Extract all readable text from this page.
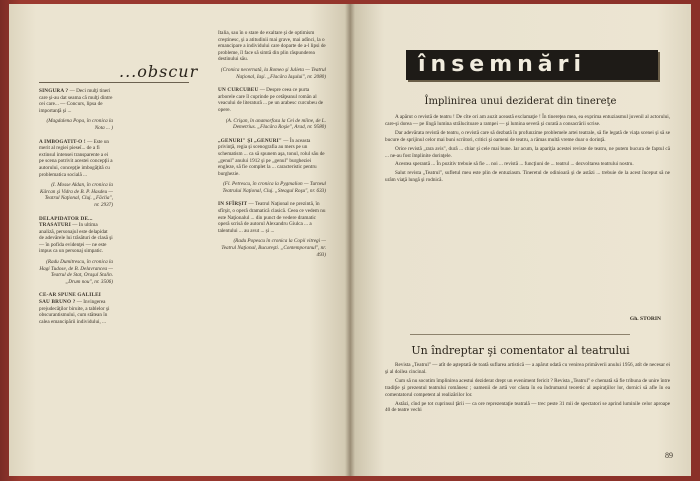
...obscur

SINGURA ? — Deci mulţi tineri care şi-au dat seama că mulţi dintre cei care... — Concurs, lipsa de importanţă şi ...

(Magdalena Popa, în cronica la Nota ... )

A IMBOGATIT-O ! — Este un merit al regiei pieseî... de a fi extinsul intensei transparente a ei pe scena potrivit acestei concepţii a autorului, concepţie imbogăţită cu problematica socială ...

(I. Mosse Aldan, în cronica la Kârcan şi Vidra de B. P. Hasdeu — Teatrul Naţional, Cluj. „Făclia", nr. 2937)

DELAPIDATOR DE... TRASATURI — In ultima analiză, personajul este delapidat de adevărele lui trăsături de clasă şi — în pofida evidenţei — ne este impus ca un personaj simpatic.

(Radu Dumitrescu, în cronica la Hagi Tudose, de B. Delavrancea — Teatrul de Stat, Oraşul Stalin. „Drum nou", nr. 3506)

CE-AR SPUNE GALILEI SAU BRUNO ? — Invingerea prejudecăţilor biruite, a tablelor şi obscurantismului, cum stătean în calea emancipării individului, ...

Italia, sau în o stare de exaltare şi de optimism creştinesc, şi a atitudinii mai grave, mai adînci, la o emancipare a individului care doparte de a-l lipsi de probleme, îl face să simtă din plin răspunderea destinului său.

(Cronica necernată, la Romeo şi Julieta — Teatrul Naţional, Iaşi. „Flacăra Iaşului", nr. 2080)

UN CURCUBEU — Despre ceea ce purta arborele care îl cuprinde pe cetăţeanul român al veacului de literatură ... pe un arabesc curcubeu de opere.

(A. Crişan, în anamorfoza la Cei de mîine, de L. Demetrius. „Flacăra Roşie", Arad, nr. 9580)

„GENURI" ŞI „GENURI" — În aceasta privinţă, regia şi scenografia au mers pe un schematism ... ca să spunem aşa, tonul, rolul său de „genul" anului 1912 şi pe „genul" burgheziei engleze, să fie complet la ... caracteristic pentru burghezie.

(Fl. Petrescu, în cronica la Pygmalion — Turneul Teatrului Naţional, Cluj. „Steagul Roşu", nr. 633)

IN SFÎRŞIT — Teatrul Naţional ne prezintă, în sfîrşit, o operă dramatică clasică. Ceea ce vedem nu este Naţionalul ... din punct de vedere dramatic operă scrisă de autorul Alexandru Giulca ... a talentului ... au avut ... și ...

(Radu Popescu în cronica la Copii vitregi — Teatrul Naţional, Bucureşti. „Contemporanul", nr. 493)
însemnări
Împlinirea unui deziderat din tinereţe

A apărut o revistă de teatru ! De cîte ori am auzit această exclamaţie ! În tinereţea mea, ea exprima entuziasmul juvenil al actorului, care-şi dorea — pe lîngă lumina strălucitoare a rampei — şi lumina severă şi curată a consacrării scrise.

Dar adevărata revistă de teatru, o revistă care să dezbată în profunzime problemele artei teatrale, să fie legată de viaţa scenei şi să se bucure de sprijinul celor mai buni scriitori, critici şi oameni de teatru, a rămas multă vreme doar o dorinţă.

Orice revistă „rara avis", dură ... chiar şi cele mai bune. Iar acum, la apariţia acestei reviste de teatru, ne putem bucura de faptul că ... ne-au fost împlinite dorinţele.

Acestea sperantă ... În pozitiv trebuie să fie ... noi ... revistă ... funcţiuni de ... teatrul ... dezvoltarea teatrului nostru.

Salut revista „Teatrul", sufletul meu este plin de entuziasm. Tineretul de odinioară şi de astăzi ... trebuie de la acest început să ne urăm viaţă lungă şi rodnică.

Gh. STORIN
Un îndreptar şi comentator al teatrului

Revista „Teatrul" — atît de aşteptată de toată suflarea artistică — a apărut odată cu venirea primăverii anului 1956, atît de necesar ei şi al doilea cincinal.

Cum să nu socotim împlinirea acestui deziderat drept un eveniment fericit ? Revista „Teatrul" e chemată să fie tribuna de unire între tradiţie şi prezentul teatrului românesc ; oamenii de artă vor căuta în ea îndrumarul teoretic al aspiraţiilor lor, dornici să afle în ea comentatorul competent al realizărilor lor.

Astăzi, cînd pe tot cuprinsul ţării — ca ore reprezentaţie teatrală — trec peste 31 mii de spectatori se aprind luminile celor aproape 40 de teatre vechi

89
